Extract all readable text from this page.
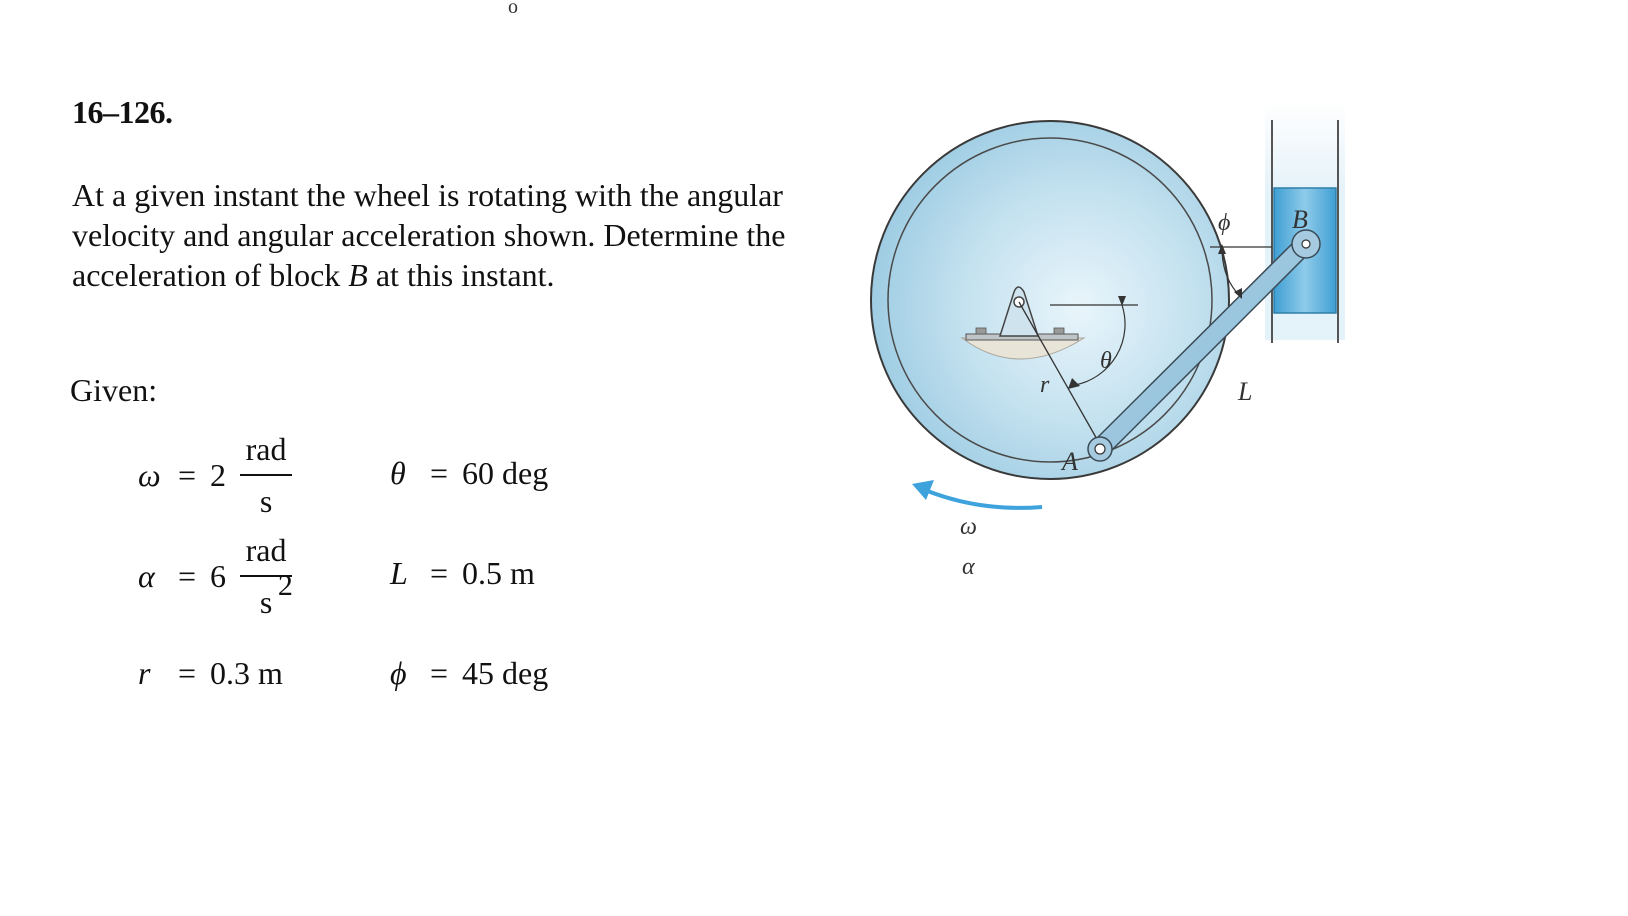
o
16–126.
At a given instant the wheel is rotating with the angular velocity and angular acceleration shown. Determine the acceleration of block B at this instant.
Given:
$\omega = 2 \frac{\text{rad}}{s}$
$\alpha = 6 \frac{\text{rad}}{s 2}$
r = 0.3 m
θ = 60 deg
L = 0.5 m
ϕ = 45 deg
B
A
r
θ
ϕ
L
ω
α
